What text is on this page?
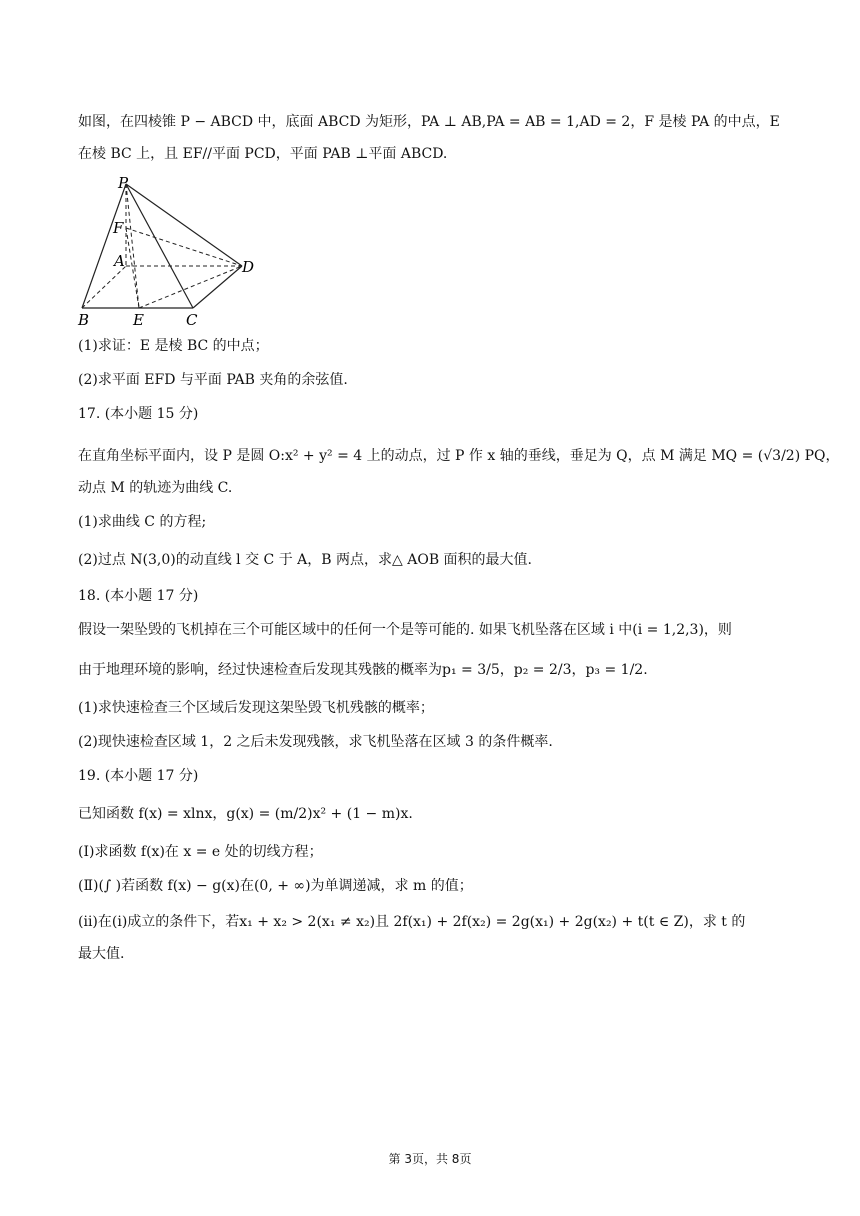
如图，在四棱锥 P − ABCD 中，底面 ABCD 为矩形，PA ⊥ AB,PA = AB = 1,AD = 2，F 是棱 PA 的中点，E
在棱 BC 上，且 EF//平面 PCD，平面 PAB ⊥平面 ABCD.
P
F
A	D
B	E	C
(1)求证：E 是棱 BC 的中点；
(2)求平面 EFD 与平面 PAB 夹角的余弦值.
17. (本小题 15 分)
在直角坐标平面内，设 P 是圆 O:x² + y² = 4 上的动点，过 P 作 x 轴的垂线，垂足为 Q，点 M 满足 MQ = (√3/2) PQ，
动点 M 的轨迹为曲线 C.
(1)求曲线 C 的方程;
(2)过点 N(3,0)的动直线 l 交 C 于 A，B 两点，求△ AOB 面积的最大值.
18. (本小题 17 分)
假设一架坠毁的飞机掉在三个可能区域中的任何一个是等可能的. 如果飞机坠落在区域 i 中(i = 1,2,3)，则
由于地理环境的影响，经过快速检查后发现其残骸的概率为p₁ = 3/5，p₂ = 2/3，p₃ = 1/2.
(1)求快速检查三个区域后发现这架坠毁飞机残骸的概率；
(2)现快速检查区域 1，2 之后未发现残骸，求飞机坠落在区域 3 的条件概率.
19. (本小题 17 分)
已知函数 f(x) = xlnx，g(x) = (m/2)x² + (1 − m)x.
(Ⅰ)求函数 f(x)在 x = e 处的切线方程；
(Ⅱ)(∫ )若函数 f(x) − g(x)在(0, + ∞)为单调递减，求 m 的值；
(ⅱ)在(ⅰ)成立的条件下，若x₁ + x₂ > 2(x₁ ≠ x₂)且 2f(x₁) + 2f(x₂) = 2g(x₁) + 2g(x₂) + t(t ∈ Z)，求 t 的
最大值.
第 3页，共 8页
